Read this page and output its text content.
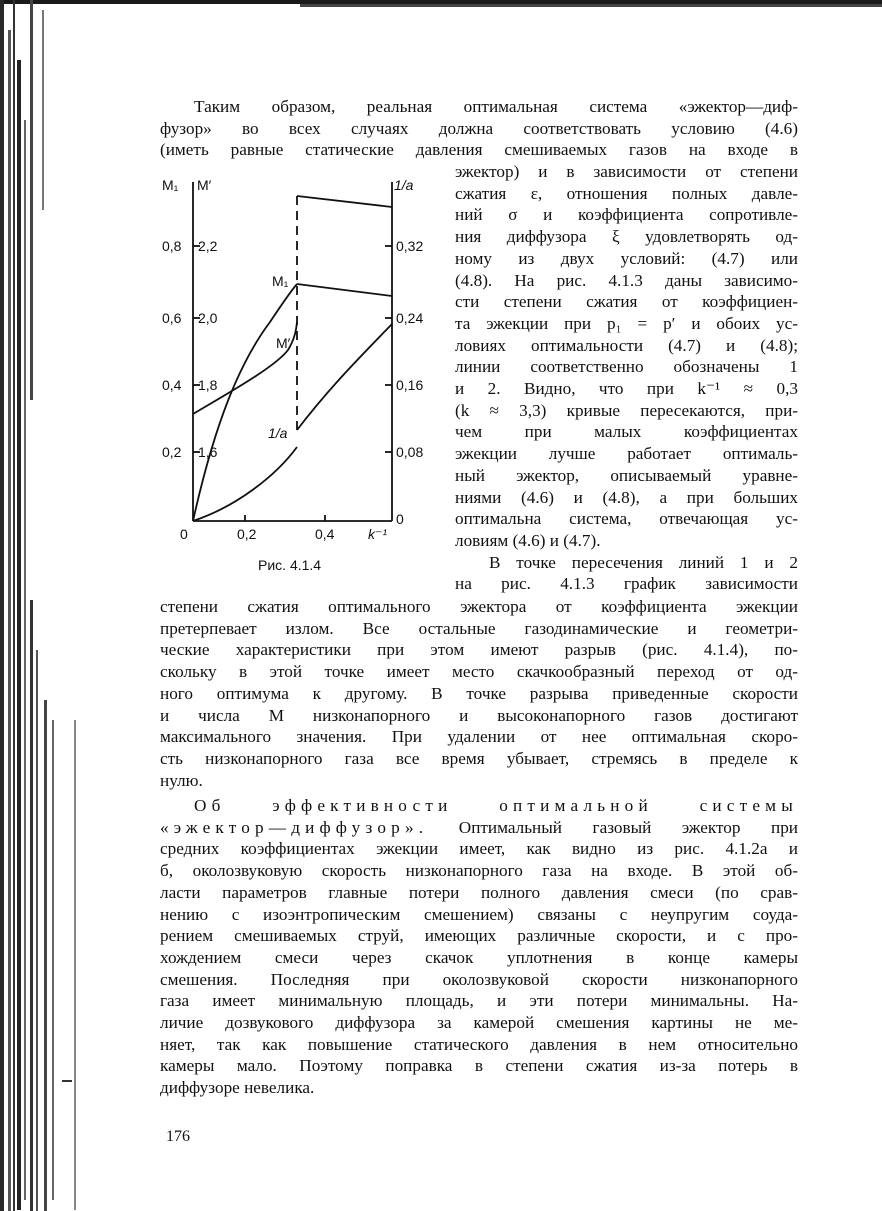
Таким образом, реальная оптимальная система «эжектор—диф-
фузор» во всех случаях должна соответствовать условию (4.6)
(иметь равные статические давления смешиваемых газов на входе в
эжектор) и в зависимости от степени
сжатия ε, отношения полных давле-
ний σ и коэффициента сопротивле-
ния диффузора ξ удовлетворять од-
ному из двух условий: (4.7) или
(4.8). На рис. 4.1.3 даны зависимо-
сти степени сжатия от коэффициен-
та эжекции при p₁ = p′ и обоих ус-
ловиях оптимальности (4.7) и (4.8);
линии соответственно обозначены 1
и 2. Видно, что при k⁻¹ ≈ 0,3
(k ≈ 3,3) кривые пересекаются, при-
чем при малых коэффициентах
эжекции лучше работает оптималь-
ный эжектор, описываемый уравне-
ниями (4.6) и (4.8), а при больших
оптимальна система, отвечающая ус-
ловиям (4.6) и (4.7).
В точке пересечения линий 1 и 2
на рис. 4.1.3 график зависимости
M₁ M′	1/a
0,8
0,6
0,4
0,2
2,2
2,0
1,8
1,6
0,32
0,24
0,16
0,08
0
0	0,2	0,4 k⁻¹
M₁
M′
1/a
Рис. 4.1.4
степени сжатия оптимального эжектора от коэффициента эжекции
претерпевает излом. Все остальные газодинамические и геометри-
ческие характеристики при этом имеют разрыв (рис. 4.1.4), по-
скольку в этой точке имеет место скачкообразный переход от од-
ного оптимума к другому. В точке разрыва приведенные скорости
и числа М низконапорного и высоконапорного газов достигают
максимального значения. При удалении от нее оптимальная скоро-
сть низконапорного газа все время убывает, стремясь в пределе к
нулю.
Об эффективности оптимальной системы
«эжектор—диффузор». Оптимальный газовый эжектор при
средних коэффициентах эжекции имеет, как видно из рис. 4.1.2а и
б, околозвуковую скорость низконапорного газа на входе. В этой об-
ласти параметров главные потери полного давления смеси (по срав-
нению с изоэнтропическим смешением) связаны с неупругим соуда-
рением смешиваемых струй, имеющих различные скорости, и с про-
хождением смеси через скачок уплотнения в конце камеры
смешения. Последняя при околозвуковой скорости низконапорного
газа имеет минимальную площадь, и эти потери минимальны. На-
личие дозвукового диффузора за камерой смешения картины не ме-
няет, так как повышение статического давления в нем относительно
камеры мало. Поэтому поправка в степени сжатия из-за потерь в
диффузоре невелика.
176
